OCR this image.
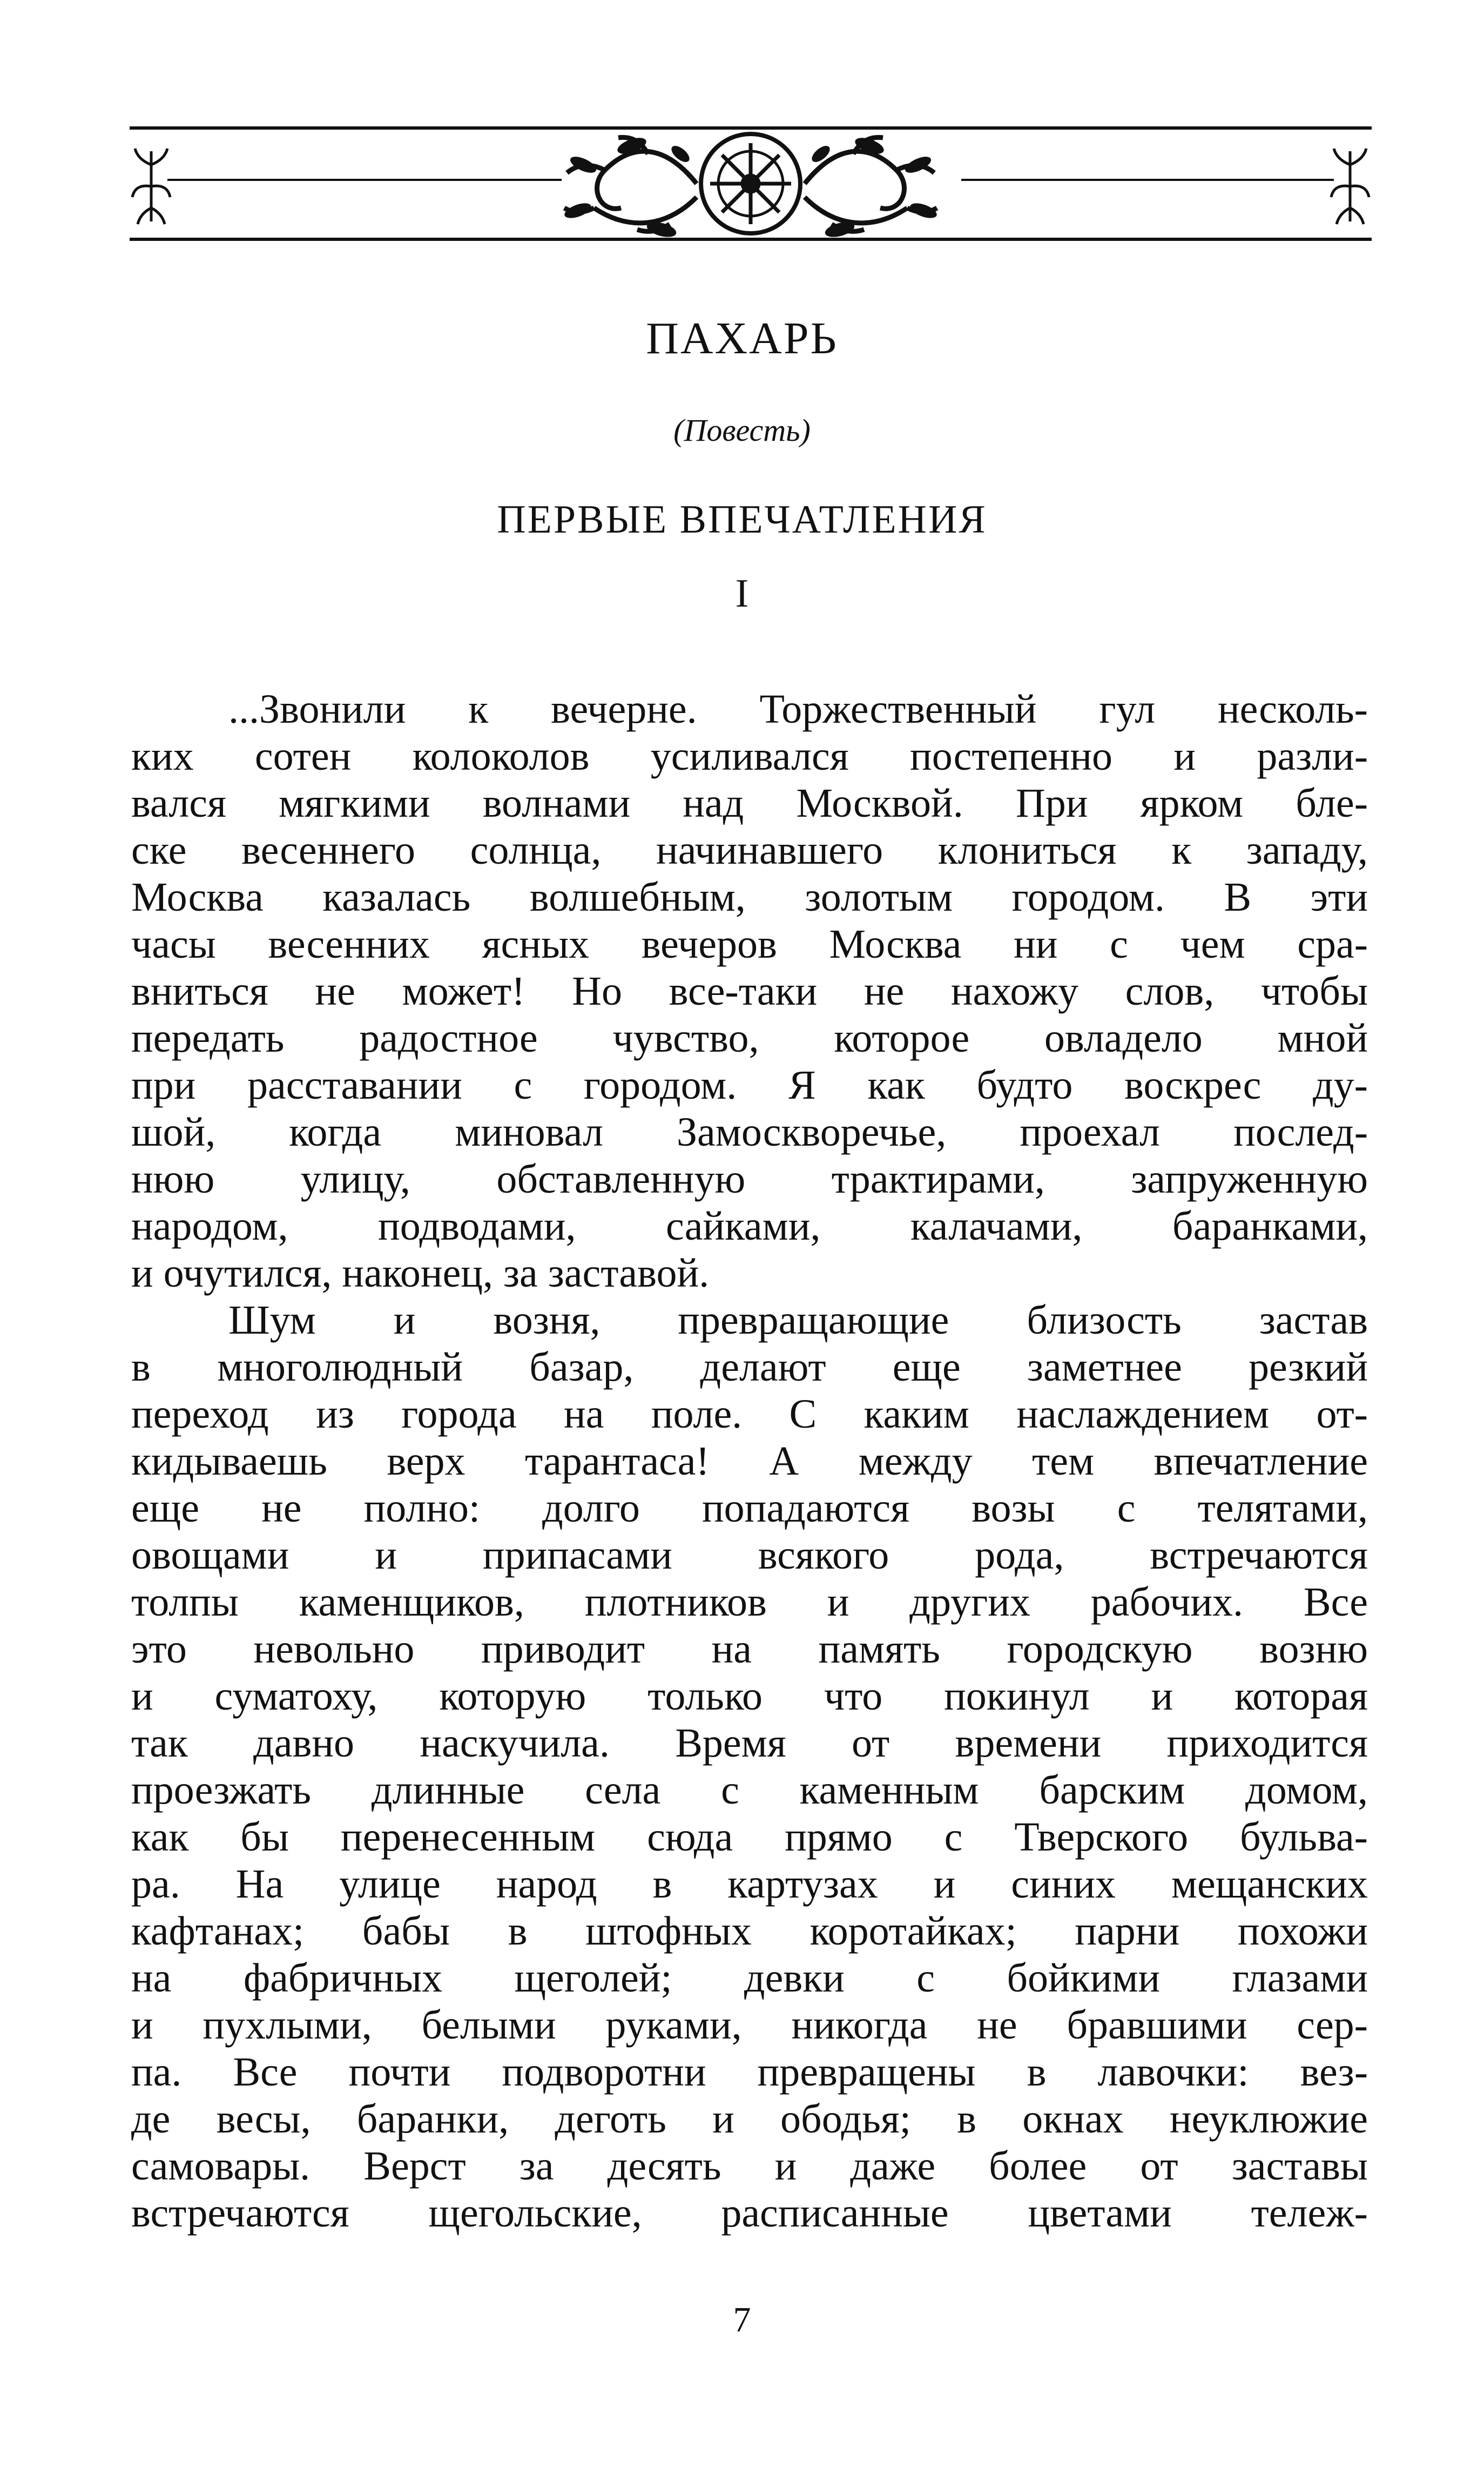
ПАХАРЬ
(Повесть)
ПЕРВЫЕ ВПЕЧАТЛЕНИЯ
I
...Звонили к вечерне. Торжественный гул несколь-
ких сотен колоколов усиливался постепенно и разли-
вался мягкими волнами над Москвой. При ярком бле-
ске весеннего солнца, начинавшего клониться к западу,
Москва казалась волшебным, золотым городом. В эти
часы весенних ясных вечеров Москва ни с чем сра-
вниться не может! Но все-таки не нахожу слов, чтобы
передать радостное чувство, которое овладело мной
при расставании с городом. Я как будто воскрес ду-
шой, когда миновал Замоскворечье, проехал послед-
нюю улицу, обставленную трактирами, запруженную
народом, подводами, сайками, калачами, баранками,
и очутился, наконец, за заставой.
Шум и возня, превращающие близость застав
в многолюдный базар, делают еще заметнее резкий
переход из города на поле. С каким наслаждением от-
кидываешь верх тарантаса! А между тем впечатление
еще не полно: долго попадаются возы с телятами,
овощами и припасами всякого рода, встречаются
толпы каменщиков, плотников и других рабочих. Все
это невольно приводит на память городскую возню
и суматоху, которую только что покинул и которая
так давно наскучила. Время от времени приходится
проезжать длинные села с каменным барским домом,
как бы перенесенным сюда прямо с Тверского бульва-
ра. На улице народ в картузах и синих мещанских
кафтанах; бабы в штофных коротайках; парни похожи
на фабричных щеголей; девки с бойкими глазами
и пухлыми, белыми руками, никогда не бравшими сер-
па. Все почти подворотни превращены в лавочки: вез-
де весы, баранки, деготь и ободья; в окнах неуклюжие
самовары. Верст за десять и даже более от заставы
встречаются щегольские, расписанные цветами тележ-
7
